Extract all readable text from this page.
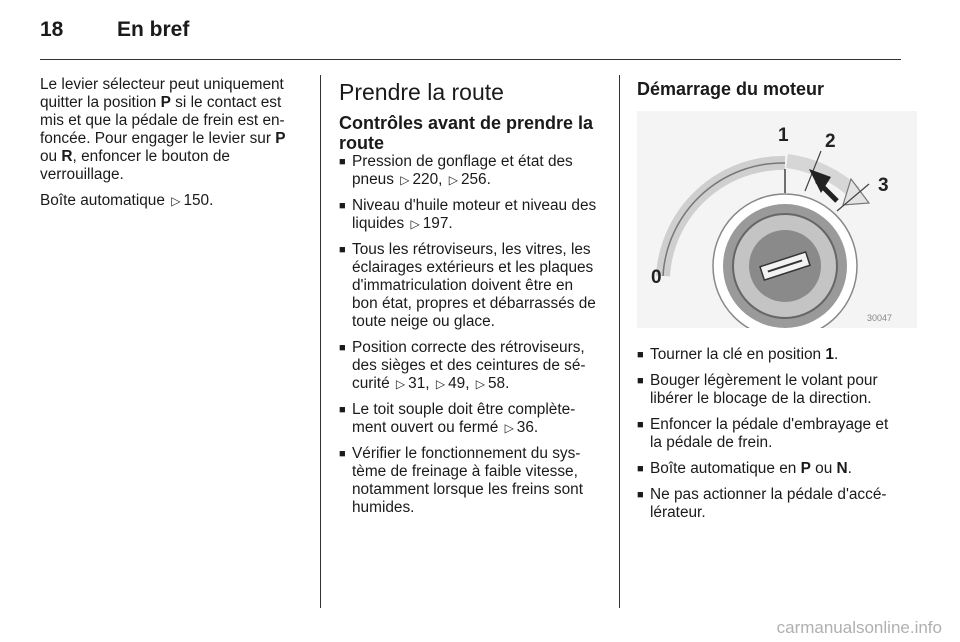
18	En bref

Le levier sélecteur peut uniquement
quitter la position P si le contact est
mis et que la pédale de frein est en-
foncée. Pour engager le levier sur P
ou R, enfoncer le bouton de
verrouillage.

Boîte automatique ▷ 150.

Prendre la route
Contrôles avant de prendre la
route
■ Pression de gonflage et état des
pneus ▷ 220, ▷ 256.
■ Niveau d'huile moteur et niveau des
liquides ▷ 197.
■ Tous les rétroviseurs, les vitres, les
éclairages extérieurs et les plaques
d'immatriculation doivent être en
bon état, propres et débarrassés de
toute neige ou glace.
■ Position correcte des rétroviseurs,
des sièges et des ceintures de sé-
curité ▷ 31, ▷ 49, ▷ 58.
■ Le toit souple doit être complète-
ment ouvert ou fermé ▷ 36.
■ Vérifier le fonctionnement du sys-
tème de freinage à faible vitesse,
notamment lorsque les freins sont
humides.
Démarrage du moteur
0
1 2
3
30047
■ Tourner la clé en position 1.
■ Bouger légèrement le volant pour
libérer le blocage de la direction.
■ Enfoncer la pédale d'embrayage et
la pédale de frein.
■ Boîte automatique en P ou N.
■ Ne pas actionner la pédale d'accé-
lérateur.
carmanualsonline.info
